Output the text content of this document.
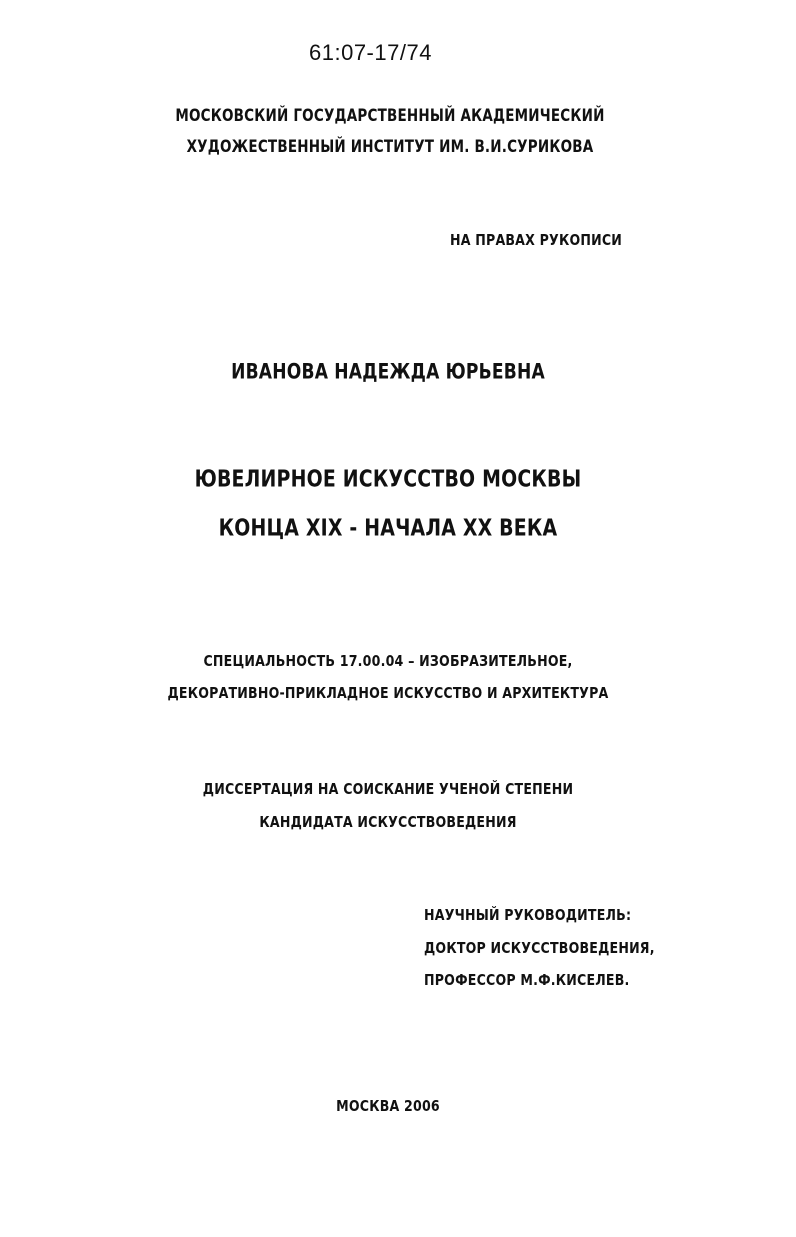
61:07-17/74
МОСКОВСКИЙ ГОСУДАРСТВЕННЫЙ АКАДЕМИЧЕСКИЙ
ХУДОЖЕСТВЕННЫЙ ИНСТИТУТ ИМ. В.И.СУРИКОВА
НА ПРАВАХ РУКОПИСИ
ИВАНОВА НАДЕЖДА ЮРЬЕВНА
ЮВЕЛИРНОЕ ИСКУССТВО МОСКВЫ
КОНЦА XIX - НАЧАЛА XX ВЕКА
СПЕЦИАЛЬНОСТЬ 17.00.04 – ИЗОБРАЗИТЕЛЬНОЕ,
ДЕКОРАТИВНО-ПРИКЛАДНОЕ ИСКУССТВО И АРХИТЕКТУРА
ДИССЕРТАЦИЯ НА СОИСКАНИЕ УЧЕНОЙ СТЕПЕНИ
КАНДИДАТА ИСКУССТВОВЕДЕНИЯ
НАУЧНЫЙ РУКОВОДИТЕЛЬ:
ДОКТОР ИСКУССТВОВЕДЕНИЯ,
ПРОФЕССОР М.Ф.КИСЕЛЕВ.
МОСКВА 2006
